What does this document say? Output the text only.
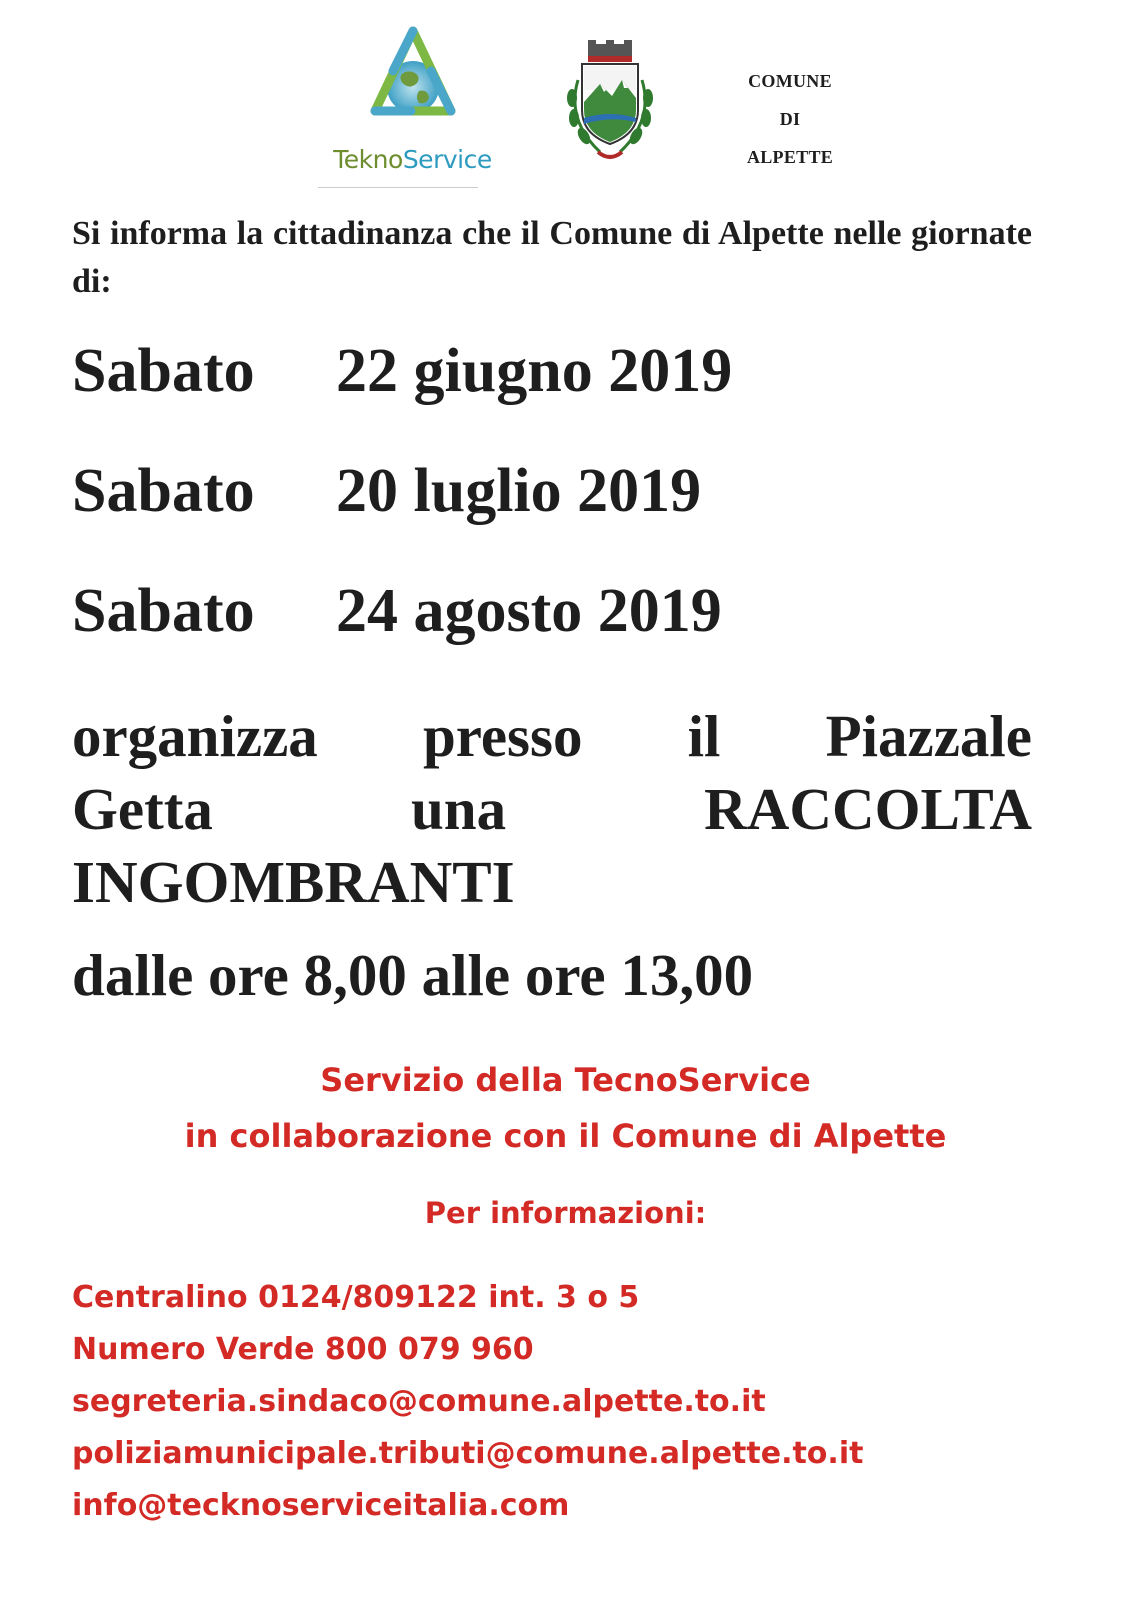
TeknoService
COMUNE
DI
ALPETTE
Si informa la cittadinanza che il Comune di Alpette nelle giornate di:
Sabato 22 giugno 2019
Sabato 20 luglio 2019
Sabato 24 agosto 2019
organizza presso il Piazzale
Getta	una	RACCOLTA
INGOMBRANTI
dalle ore 8,00 alle ore 13,00
Servizio della TecnoService
in collaborazione con il Comune di Alpette
Per informazioni:
Centralino 0124/809122 int. 3 o 5
Numero Verde 800 079 960
segreteria.sindaco@comune.alpette.to.it
poliziamunicipale.tributi@comune.alpette.to.it
info@tecknoserviceitalia.com
